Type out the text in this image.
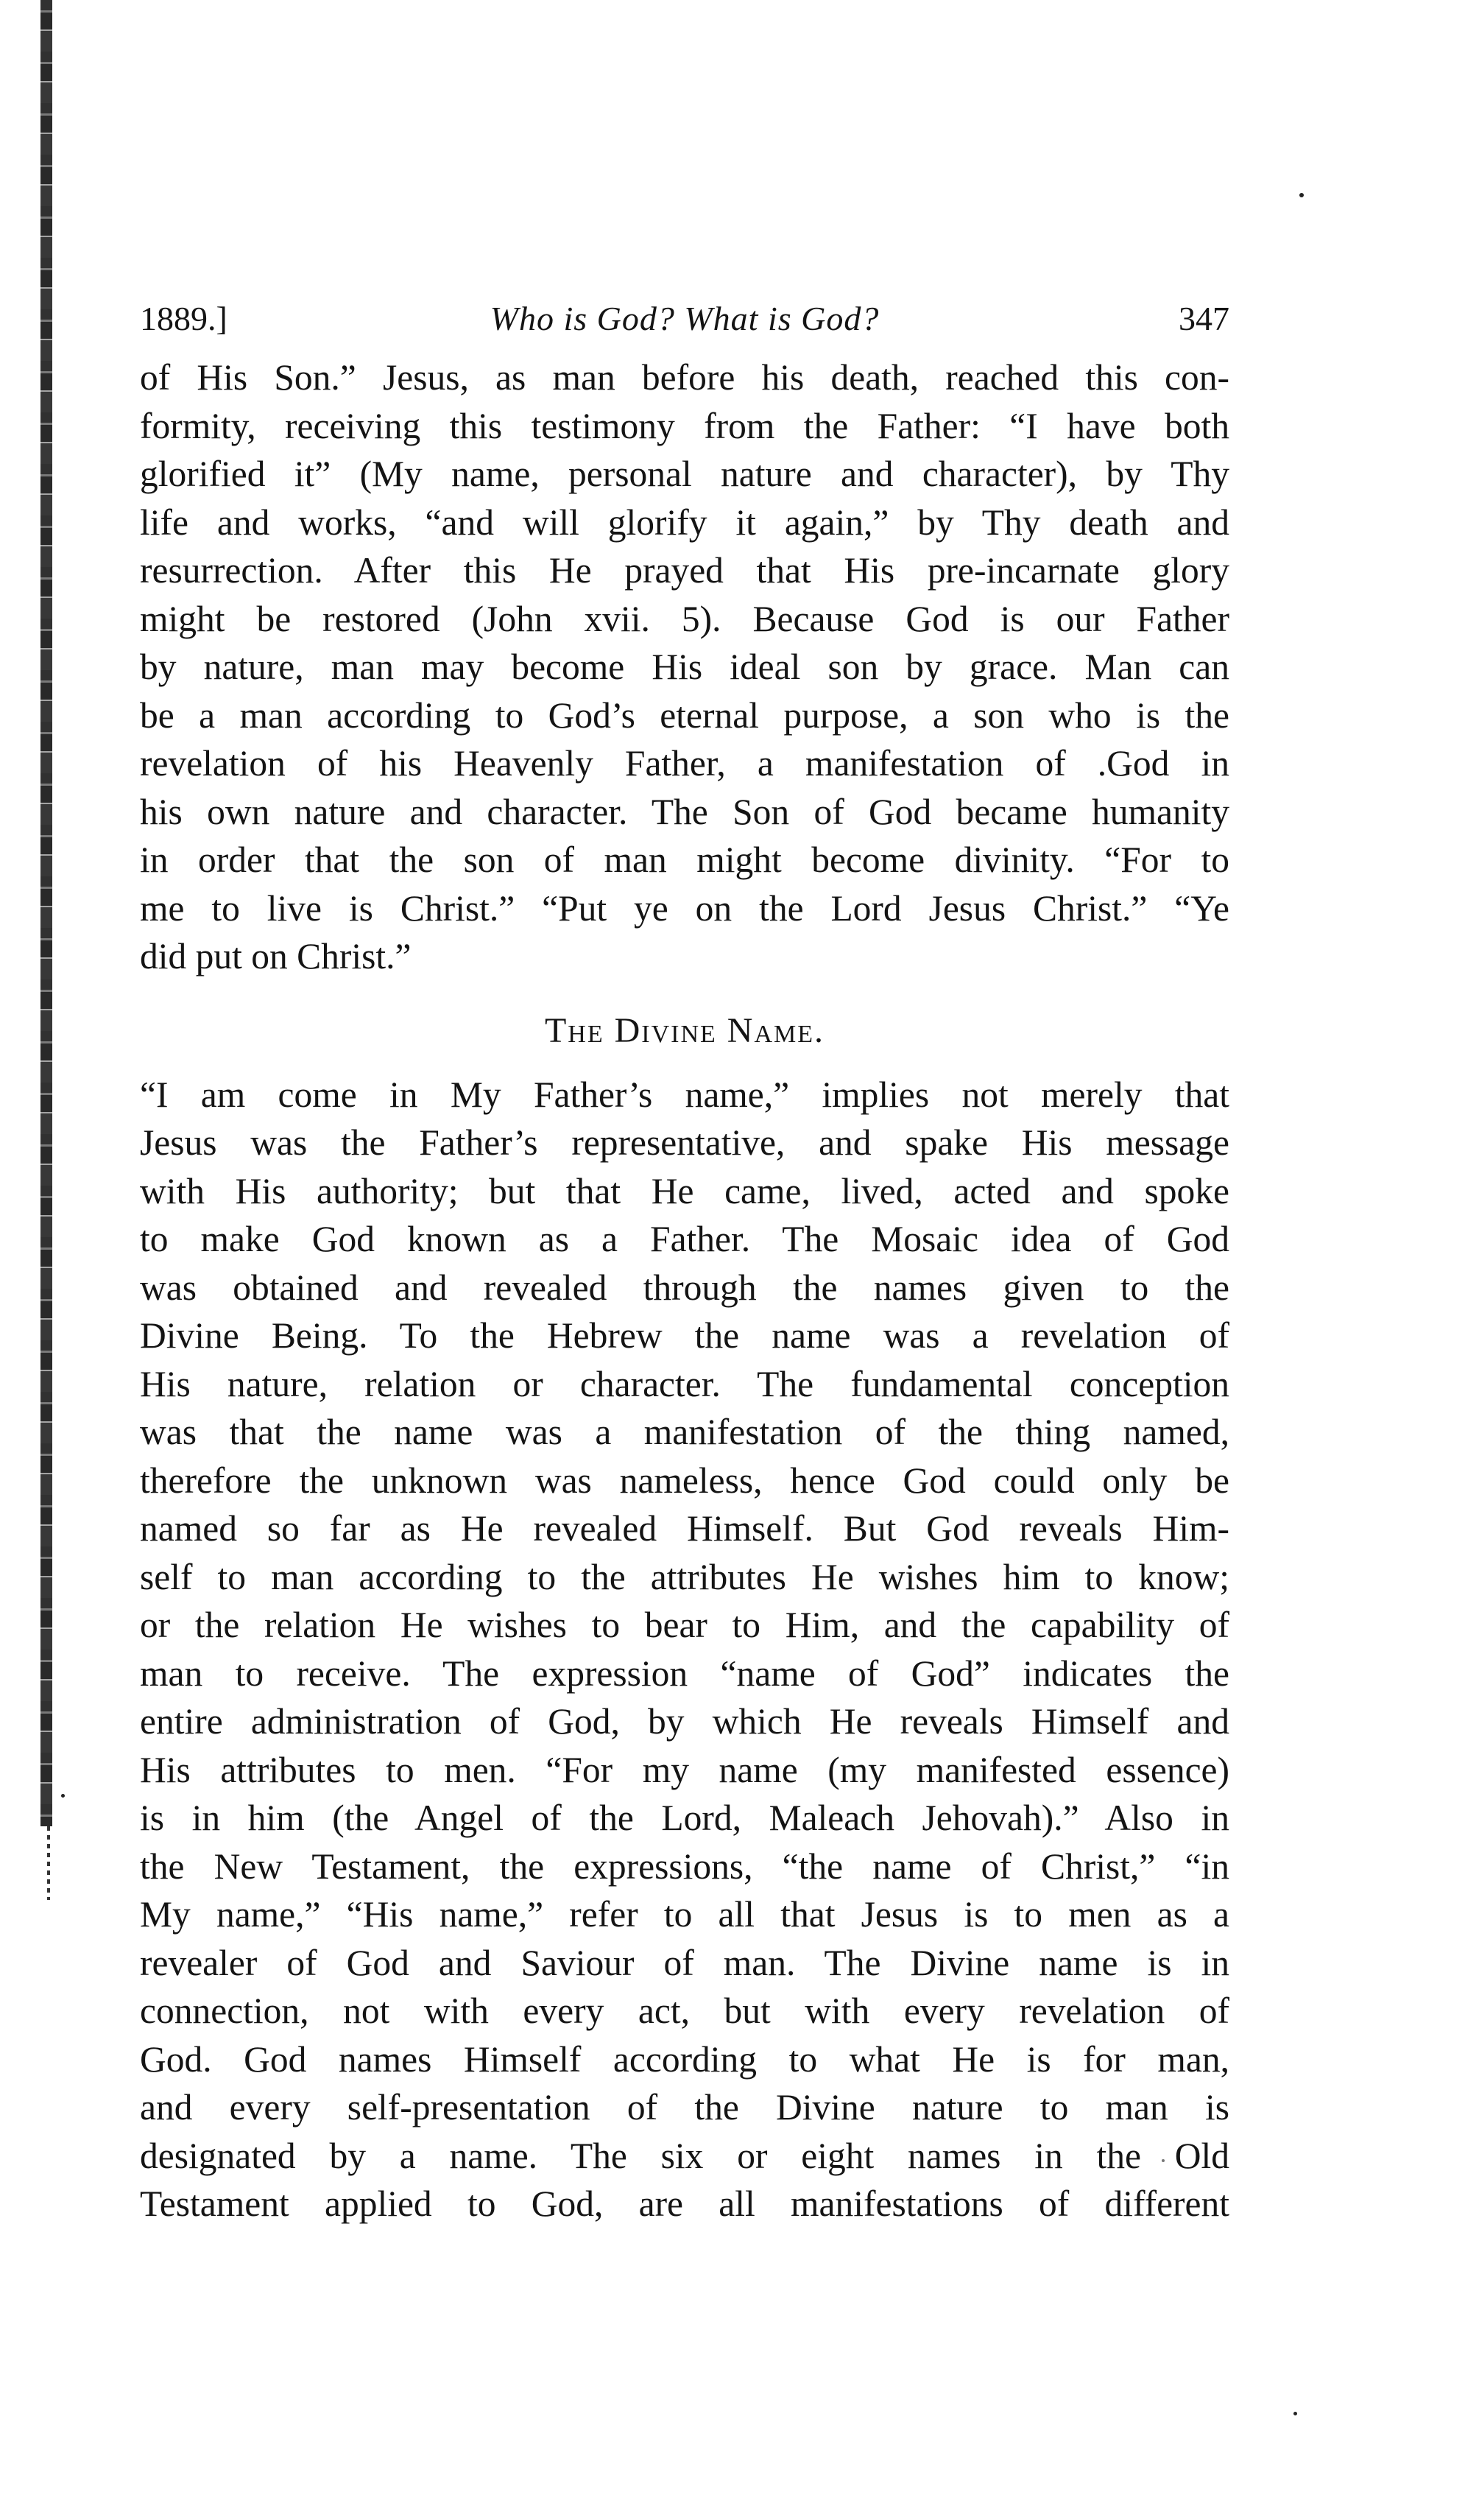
1889.]	Who is God? What is God?	347
of His Son.” Jesus, as man before his death, reached this con-
formity, receiving this testimony from the Father: “I have both
glorified it” (My name, personal nature and character), by Thy
life and works, “and will glorify it again,” by Thy death and
resurrection. After this He prayed that His pre-incarnate glory
might be restored (John xvii. 5). Because God is our Father
by nature, man may become His ideal son by grace. Man can
be a man according to God’s eternal purpose, a son who is the
revelation of his Heavenly Father, a manifestation of .God in
his own nature and character. The Son of God became humanity
in order that the son of man might become divinity. “For to
me to live is Christ.” “Put ye on the Lord Jesus Christ.” “Ye
did put on Christ.”
The Divine Name.
“I am come in My Father’s name,” implies not merely that
Jesus was the Father’s representative, and spake His message
with His authority; but that He came, lived, acted and spoke
to make God known as a Father. The Mosaic idea of God
was obtained and revealed through the names given to the
Divine Being. To the Hebrew the name was a revelation of
His nature, relation or character. The fundamental conception
was that the name was a manifestation of the thing named,
therefore the unknown was nameless, hence God could only be
named so far as He revealed Himself. But God reveals Him-
self to man according to the attributes He wishes him to know;
or the relation He wishes to bear to Him, and the capability of
man to receive. The expression “name of God” indicates the
entire administration of God, by which He reveals Himself and
His attributes to men. “For my name (my manifested essence)
is in him (the Angel of the Lord, Maleach Jehovah).” Also in
the New Testament, the expressions, “the name of Christ,” “in
My name,” “His name,” refer to all that Jesus is to men as a
revealer of God and Saviour of man. The Divine name is in
connection, not with every act, but with every revelation of
God. God names Himself according to what He is for man,
and every self-presentation of the Divine nature to man is
designated by a name. The six or eight names in the Old
Testament applied to God, are all manifestations of different
